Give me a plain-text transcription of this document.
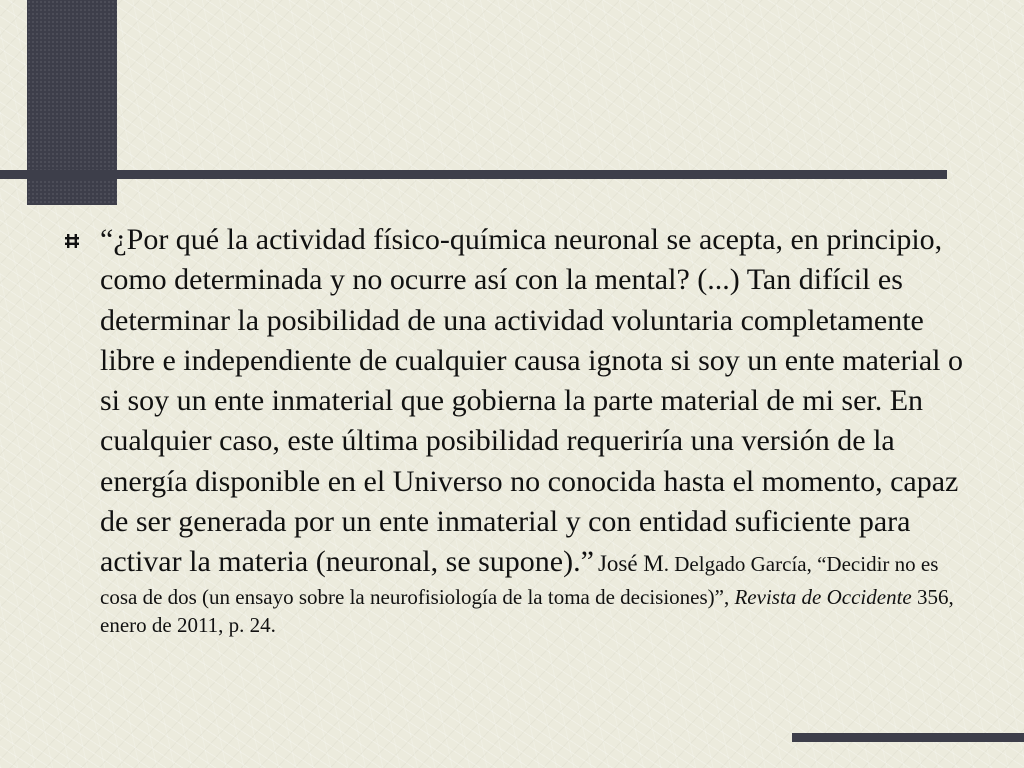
“¿Por qué la actividad físico-química neuronal se acepta, en principio, como determinada y no ocurre así con la mental? (...) Tan difícil es determinar la posibilidad de una actividad voluntaria completamente libre e independiente de cualquier causa ignota si soy un ente material o si soy un ente inmaterial que gobierna la parte material de mi ser. En cualquier caso, este última posibilidad requeriría una versión de la energía disponible en el Universo no conocida hasta el momento, capaz de ser generada por un ente inmaterial y con entidad suficiente para activar la materia (neuronal, se supone).” José M. Delgado García, “Decidir no es cosa de dos (un ensayo sobre la neurofisiología de la toma de decisiones)”, Revista de Occidente 356, enero de 2011, p. 24.
